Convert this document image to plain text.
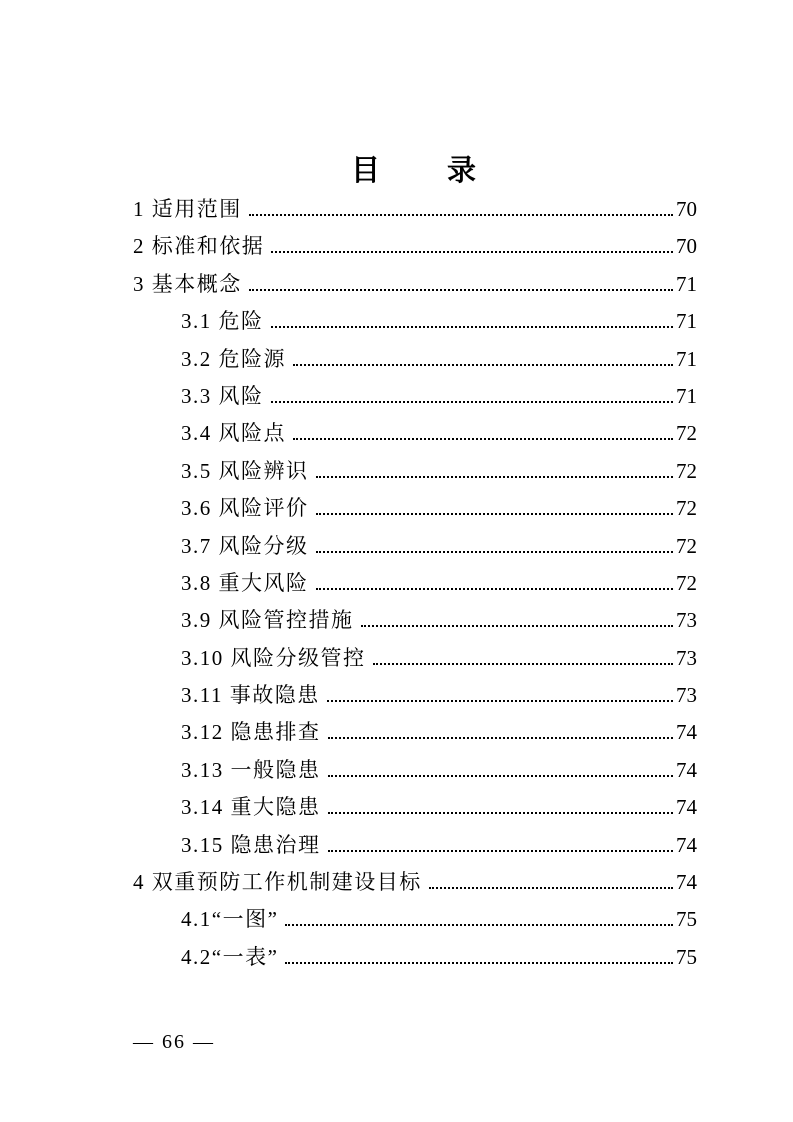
目　　录
1 适用范围	70
2 标准和依据	70
3 基本概念	71
3.1 危险	71
3.2 危险源	71
3.3 风险	71
3.4 风险点	72
3.5 风险辨识	72
3.6 风险评价	72
3.7 风险分级	72
3.8 重大风险	72
3.9 风险管控措施	73
3.10 风险分级管控	73
3.11 事故隐患	73
3.12 隐患排查	74
3.13 一般隐患	74
3.14 重大隐患	74
3.15 隐患治理	74
4 双重预防工作机制建设目标	74
4.1“一图”	75
4.2“一表”	75
— 66 —
